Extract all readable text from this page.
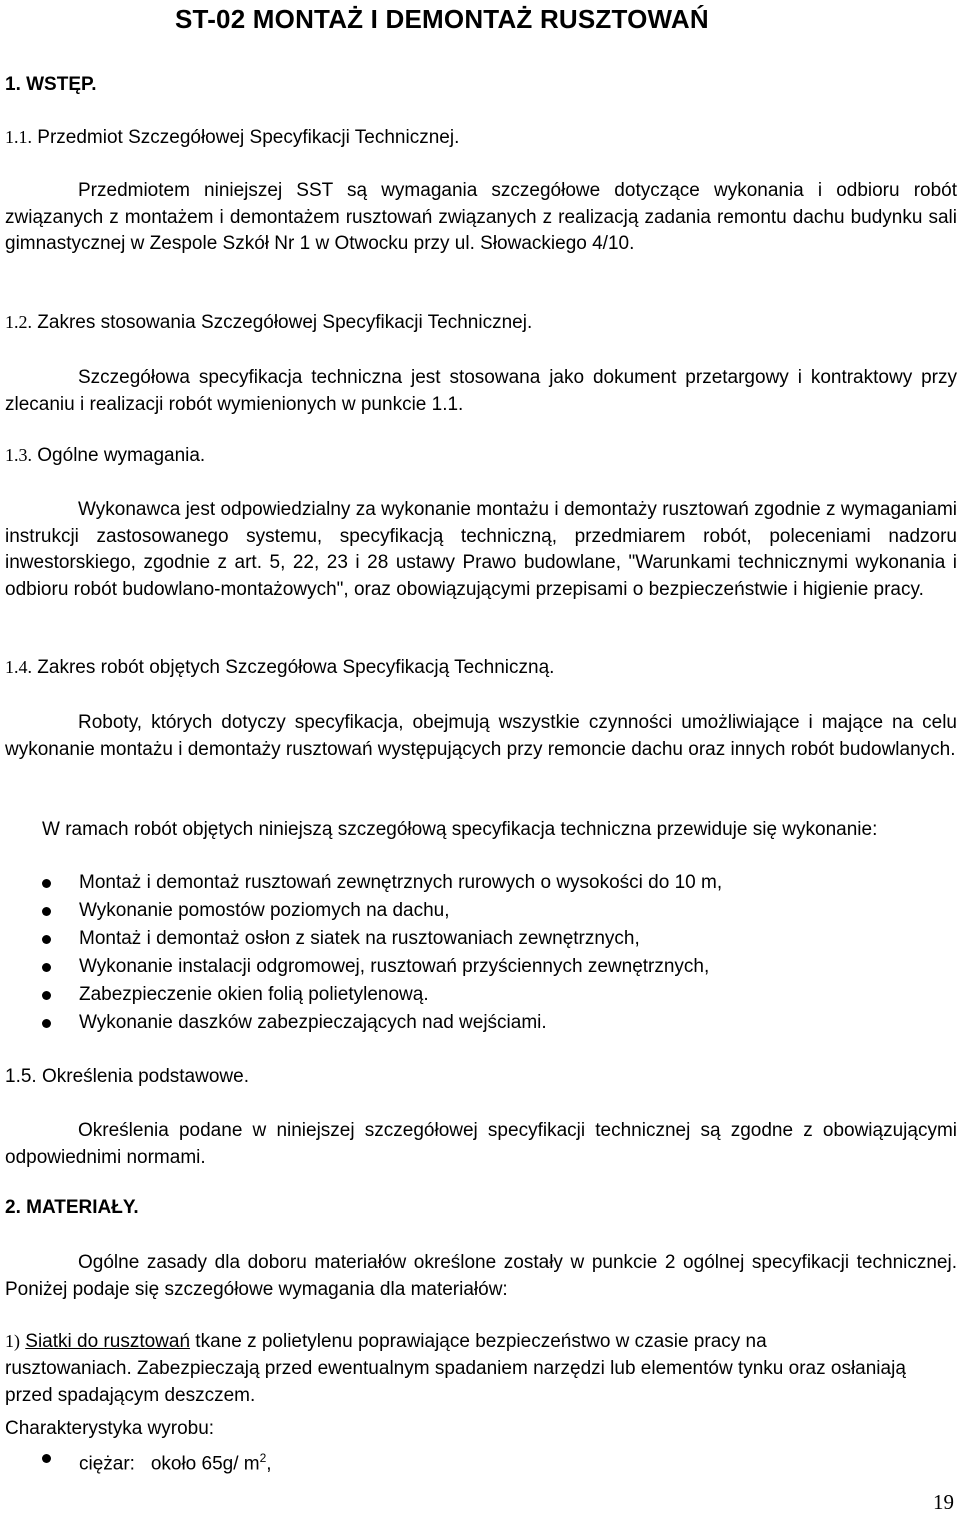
ST-02 MONTAŻ I DEMONTAŻ RUSZTOWAŃ
1. WSTĘP.
1.1. Przedmiot Szczegółowej Specyfikacji Technicznej.
Przedmiotem niniejszej SST są wymagania szczegółowe dotyczące wykonania i odbioru robót związanych z montażem i demontażem rusztowań związanych z realizacją zadania remontu dachu budynku sali gimnastycznej w Zespole Szkół Nr 1 w Otwocku przy ul. Słowackiego 4/10.
1.2. Zakres stosowania Szczegółowej Specyfikacji Technicznej.
Szczegółowa specyfikacja techniczna jest stosowana jako dokument przetargowy i kontraktowy przy zlecaniu i realizacji robót wymienionych w punkcie 1.1.
1.3. Ogólne wymagania.
Wykonawca jest odpowiedzialny za wykonanie montażu i demontaży rusztowań zgodnie z wymaganiami instrukcji zastosowanego systemu, specyfikacją techniczną, przedmiarem robót, poleceniami nadzoru inwestorskiego, zgodnie z art. 5, 22, 23 i 28 ustawy Prawo budowlane, "Warunkami technicznymi wykonania i odbioru robót budowlano-montażowych", oraz obowiązującymi przepisami o bezpieczeństwie i higienie pracy.
1.4. Zakres robót objętych Szczegółowa Specyfikacją Techniczną.
Roboty, których dotyczy specyfikacja, obejmują wszystkie czynności umożliwiające i mające na celu wykonanie montażu i demontaży rusztowań występujących przy remoncie dachu oraz innych robót budowlanych.
W ramach robót objętych niniejszą szczegółową specyfikacja techniczna przewiduje się wykonanie:
Montaż i demontaż rusztowań zewnętrznych rurowych o wysokości do 10 m,
Wykonanie pomostów poziomych na dachu,
Montaż i demontaż osłon z siatek na rusztowaniach zewnętrznych,
Wykonanie instalacji odgromowej, rusztowań przyściennych zewnętrznych,
Zabezpieczenie okien folią polietylenową.
Wykonanie daszków zabezpieczających nad wejściami.
1.5. Określenia podstawowe.
Określenia podane w niniejszej szczegółowej specyfikacji technicznej są zgodne z obowiązującymi odpowiednimi normami.
2. MATERIAŁY.
Ogólne zasady dla doboru materiałów określone zostały w punkcie 2 ogólnej specyfikacji technicznej. Poniżej podaje się szczegółowe wymagania dla materiałów:
1) Siatki do rusztowań tkane z polietylenu poprawiające bezpieczeństwo w czasie pracy na
rusztowaniach. Zabezpieczają przed ewentualnym spadaniem narzędzi lub elementów tynku oraz osłaniają przed spadającym deszczem.
Charakterystyka wyrobu:
ciężar: około 65g/ $m^2$,
19
